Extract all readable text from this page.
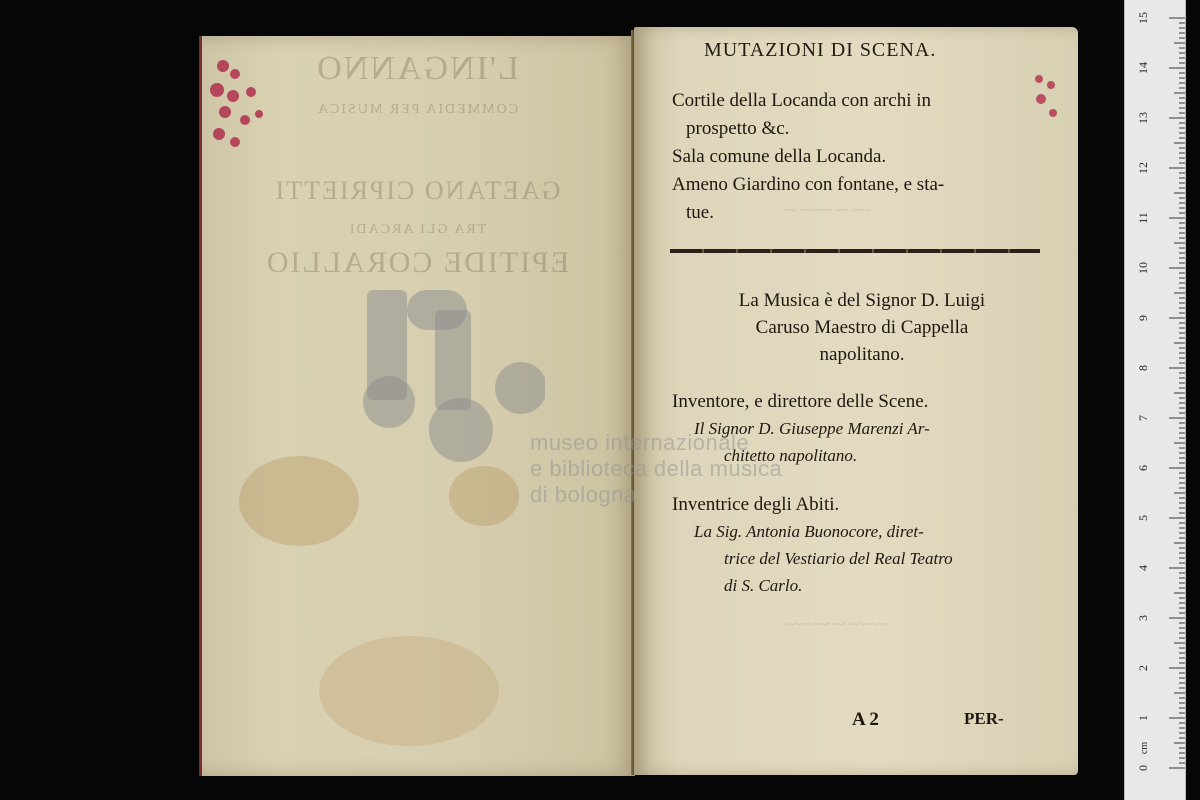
L'INGANNO
COMMEDIA PER MUSICA
GAETANO CIPRIETTI
TRA GLI ARCADI
EPITIDE CORALLIO
~~~ ~~ ~~~~~ ~~
~~~~~~ ~~ ~~~~~~~
MUTAZIONI DI SCENA.
Cortile della Locanda con archi in
prospetto &c.
Sala comune della Locanda.
Ameno Giardino con fontane, e sta-
tue.
La Musica è del Signor D. Luigi
Caruso Maestro di Cappella
napolitano.
Inventore, e direttore delle Scene.
Il Signor D. Giuseppe Marenzi Ar-
chitetto napolitano.
Inventrice degli Abiti.
La Sig. Antonia Buonocore, diret-
trice del Vestiario del Real Teatro
di S. Carlo.
A 2	PER-
museo internazionale
e biblioteca della musica
di bologna
0
1
2
3
4
5
6
7
8
9
10
11
12
13
14
15
cm
